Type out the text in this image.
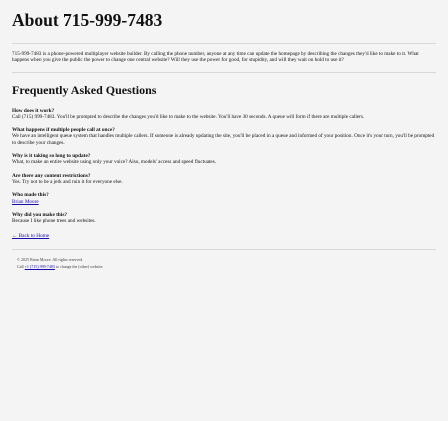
About 715-999-7483

715-999-7483 is a phone-powered multiplayer website builder. By calling the phone number, anyone at any time can update the homepage by describing the changes they'd like to make to it. What happens when you give the public the power to change one central website? Will they use the power for good, for stupidity, and will they wait on hold to use it?

Frequently Asked Questions

How does it work?

Call (715) 999-7483. You'll be prompted to describe the changes you'd like to make to the website. You'll have 30 seconds. A queue will form if there are multiple callers.

What happens if multiple people call at once?

We have an intelligent queue system that handles multiple callers. If someone is already updating the site, you'll be placed in a queue and informed of your position. Once it's your turn, you'll be prompted to describe your changes.

Why is it taking so long to update?

What, to make an entire website using only your voice? Also, models' access and speed fluctuates.

Are there any content restrictions?

Yes. Try not to be a jerk and ruin it for everyone else.

Who made this?

Brian Moore

Why did you make this?

Because I like phone trees and websites.

← Back to Home
© 2025 Brian Moore. All rights reserved.
Call +1 (715) 999-7483 to change the (other) website.
